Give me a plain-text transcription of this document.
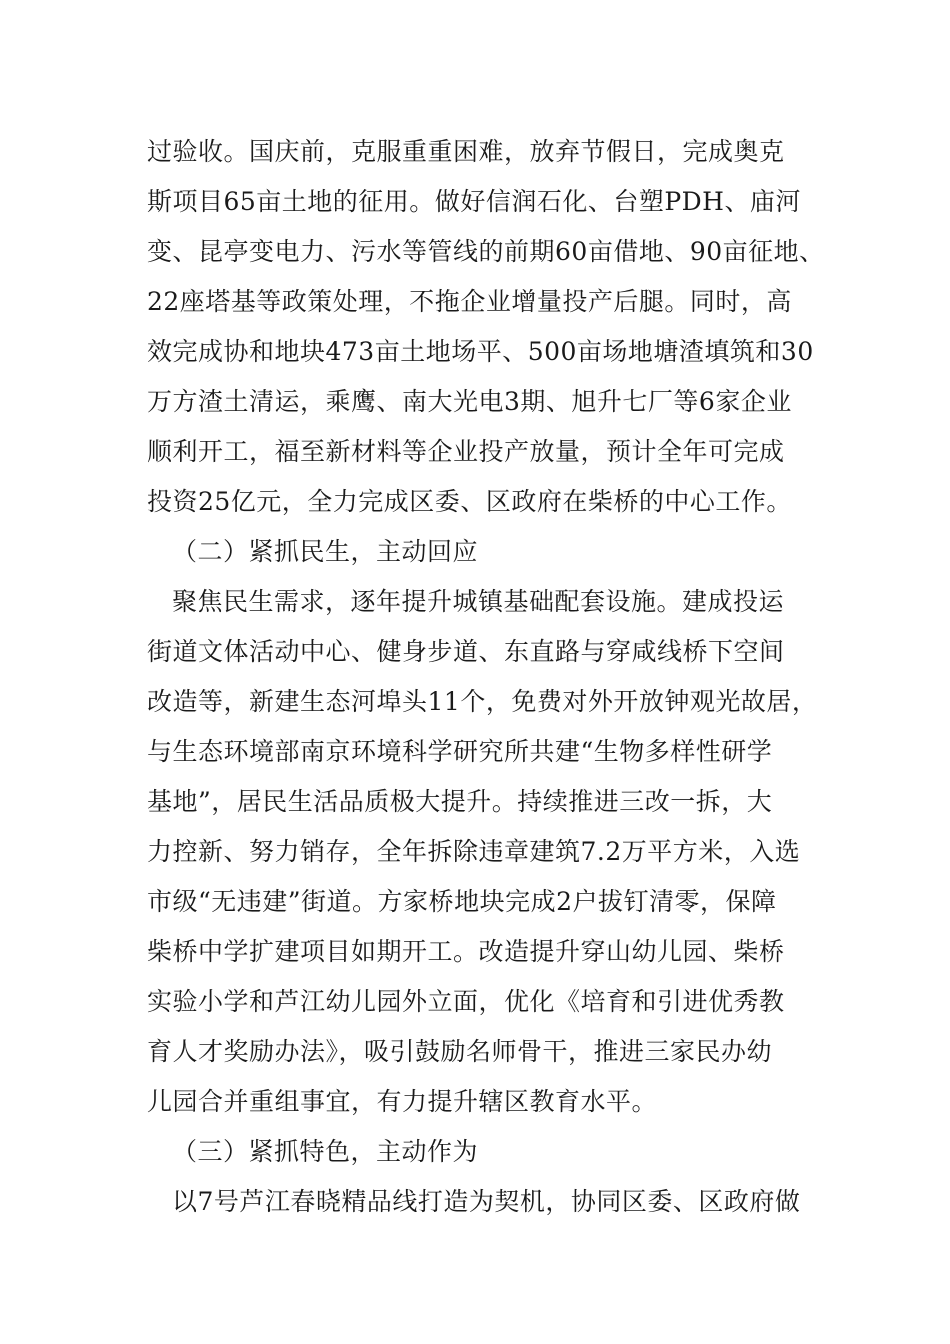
过验收。国庆前，克服重重困难，放弃节假日，完成奥克
斯项目65亩土地的征用。做好信润石化、台塑PDH、庙河
变、昆亭变电力、污水等管线的前期60亩借地、90亩征地、
22座塔基等政策处理，不拖企业增量投产后腿。同时，高
效完成协和地块473亩土地场平、500亩场地塘渣填筑和30
万方渣土清运，乘鹰、南大光电3期、旭升七厂等6家企业
顺利开工，福至新材料等企业投产放量，预计全年可完成
投资25亿元，全力完成区委、区政府在柴桥的中心工作。
（二）紧抓民生，主动回应
聚焦民生需求，逐年提升城镇基础配套设施。建成投运
街道文体活动中心、健身步道、东直路与穿咸线桥下空间
改造等，新建生态河埠头11个，免费对外开放钟观光故居，
与生态环境部南京环境科学研究所共建“生物多样性研学
基地”，居民生活品质极大提升。持续推进三改一拆，大
力控新、努力销存，全年拆除违章建筑7.2万平方米，入选
市级“无违建”街道。方家桥地块完成2户拔钉清零，保障
柴桥中学扩建项目如期开工。改造提升穿山幼儿园、柴桥
实验小学和芦江幼儿园外立面，优化《培育和引进优秀教
育人才奖励办法》，吸引鼓励名师骨干，推进三家民办幼
儿园合并重组事宜，有力提升辖区教育水平。
（三）紧抓特色，主动作为
以7号芦江春晓精品线打造为契机，协同区委、区政府做
